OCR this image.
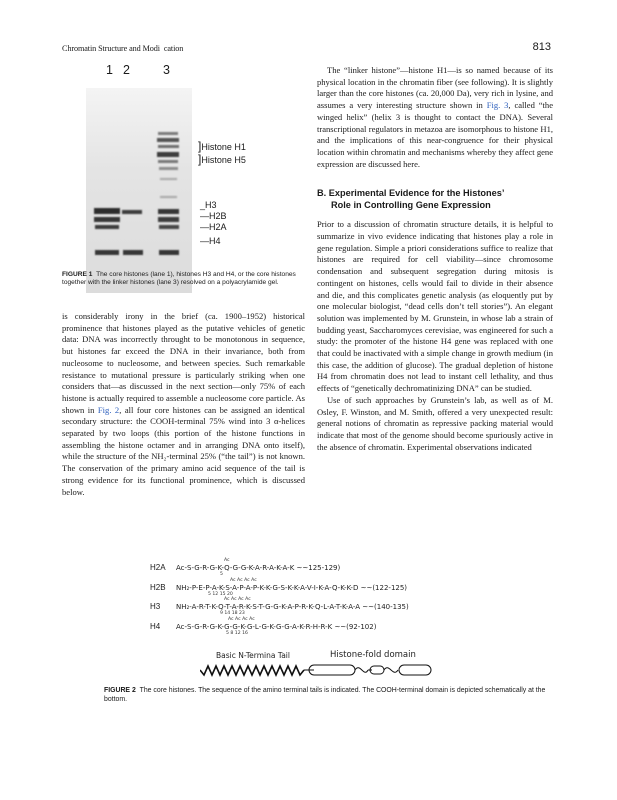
Chromatin Structure and Modi  cation	813
1 2	3
]Histone H1
]Histone H5
_H3
—H2B
—H2A
—H4
FIGURE 1 The core histones (lane 1), histones H3 and H4, or the core histones together with the linker histones (lane 3) resolved on a polyacrylamide gel.

is considerably irony in the brief (ca. 1900–1952) historical prominence that histones played as the putative vehicles of genetic data: DNA was incorrectly throught to be monotonous in sequence, but histones far exceed the DNA in their invariance, both from nucleosome to nucleosome, and between species. Such remarkable resistance to mutational pressure is particularly striking when one considers that—as discussed in the next section—only 75% of each histone is actually required to assemble a nucleosome core particle. As shown in Fig. 2, all four core histones can be assigned an identical secondary structure: the COOH-terminal 75% wind into 3 α-helices separated by two loops (this portion of the histone functions in assembling the histone octamer and in arranging DNA onto itself), while the structure of the NH₂-terminal 25% (“the tail”) is not known. The conservation of the primary amino acid sequence of the tail is strong evidence for its functional prominence, which is discussed below.

The “linker histone”—histone H1—is so named because of its physical location in the chromatin fiber (see following). It is slightly larger than the core histones (ca. 20,000 Da), very rich in lysine, and assumes a very interesting structure shown in Fig. 3, called “the winged helix” (helix 3 is thought to contact the DNA). Several transcriptional regulators in metazoa are isomorphous to histone H1, and the implications of this near-congruence for their physical location within chromatin and mechanisms whereby they affect gene expression are discussed here.

B. Experimental Evidence for the Histones’
Role in Controlling Gene Expression

Prior to a discussion of chromatin structure details, it is helpful to summarize in vivo evidence indicating that histones play a role in gene regulation. Simple a priori considerations suffice to realize that histones are required for cell viability—since chromosome condensation and subsequent segregation during mitosis is contingent on histones, cells would fail to divide in their absence and die, and this complicates genetic analysis (as eloquently put by one molecular biologist, “dead cells don’t tell stories”). An elegant solution was implemented by M. Grunstein, in whose lab a strain of budding yeast, Saccharomyces cerevisiae, was engineered for such a study: the promoter of the histone H4 gene was replaced with one that could be inactivated with a simple change in growth medium (in this case, the addition of glucose). The gradual depletion of histone H4 from chromatin does not lead to instant cell lethality, and thus effects of “genetically dechromatinizing DNA” can be studied.

Use of such approaches by Grunstein’s lab, as well as of M. Osley, F. Winston, and M. Smith, offered a very unexpected result: general notions of chromatin as repressive packing material would indicate that most of the genome should become spuriously active in the absence of chromatin. Experimental observations indicated

Ac
H2A Ac-S-G-R-G-K-Q-G-G-K-A-R-A-K-A-K ~~125-129)
5
Ac Ac Ac Ac
H2B NH₂-P-E-P-A-K-S-A-P-A-P-K-K-G-S-K-K-A-V-I-K-A-Q-K-K-D ~~(122-125)
5 12 15 20
Ac Ac Ac Ac
H3 NH₂-A-R-T-K-Q-T-A-R-K-S-T-G-G-K-A-P-R-K-Q-L-A-T-K-A-A ~~(140-135)
9 14 18 23
Ac Ac Ac Ac
H4 Ac-S-G-R-G-K-G-G-K-G-L-G-K-G-G-A-K-R-H-R-K ~~(92-102)
5 8 12 16
Basic N-Termina Tail	Histone-fold domain
FIGURE 2 The core histones. The sequence of the amino terminal tails is indicated. The COOH-terminal domain is depicted schematically at the bottom.
